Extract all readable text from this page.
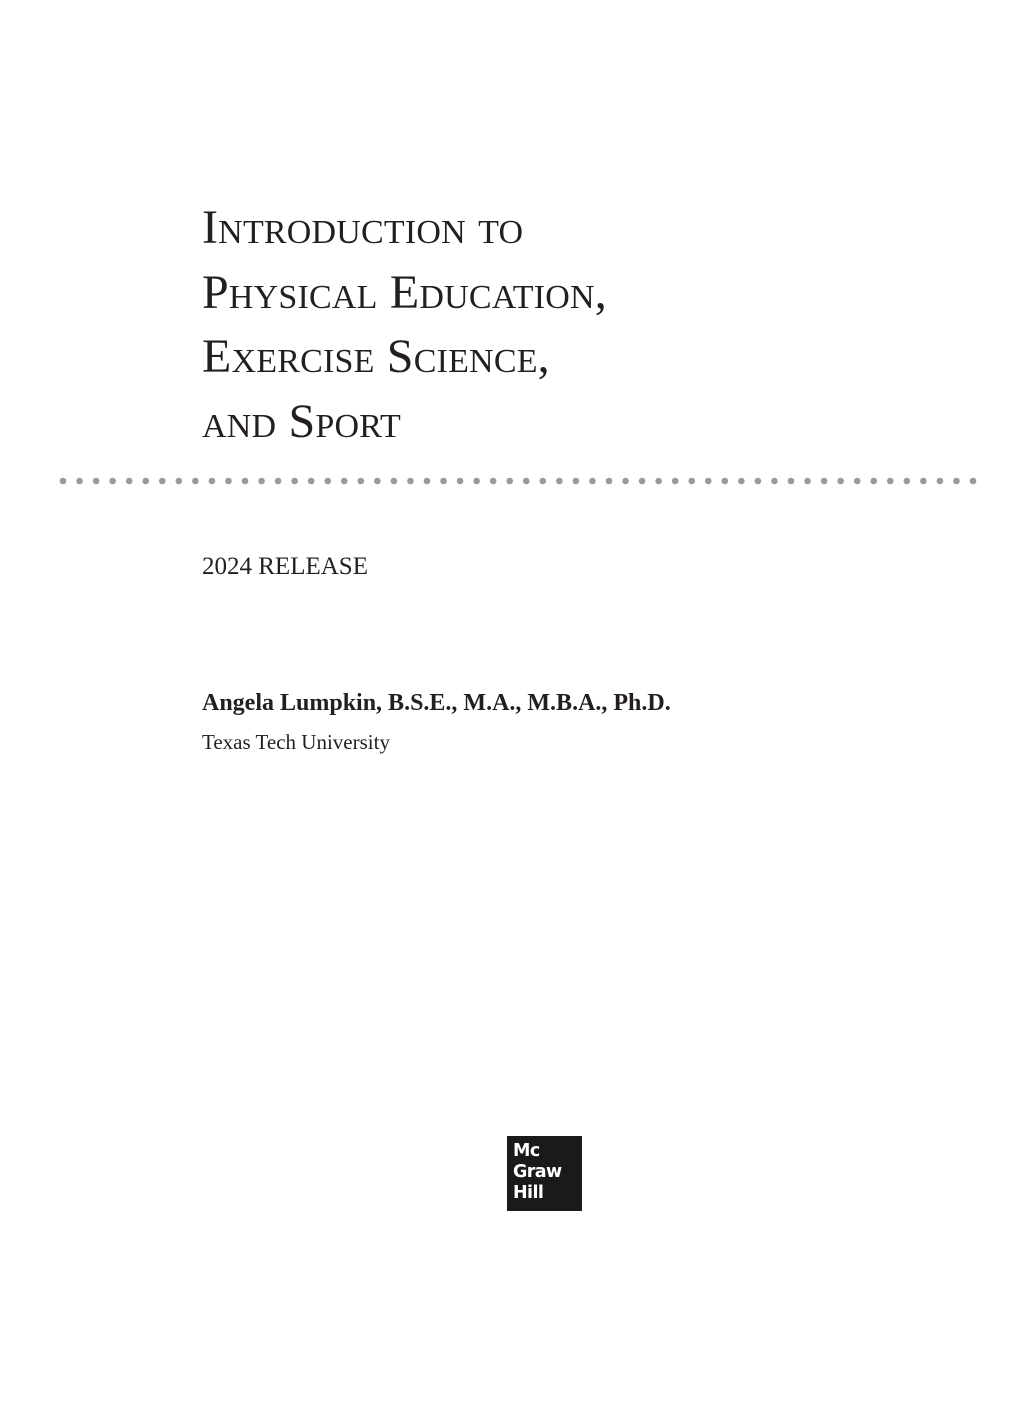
Introduction to
Physical Education,
Exercise Science,
and Sport
2024 RELEASE
Angela Lumpkin, B.S.E., M.A., M.B.A., Ph.D.
Texas Tech University
Mc
Graw
Hill
